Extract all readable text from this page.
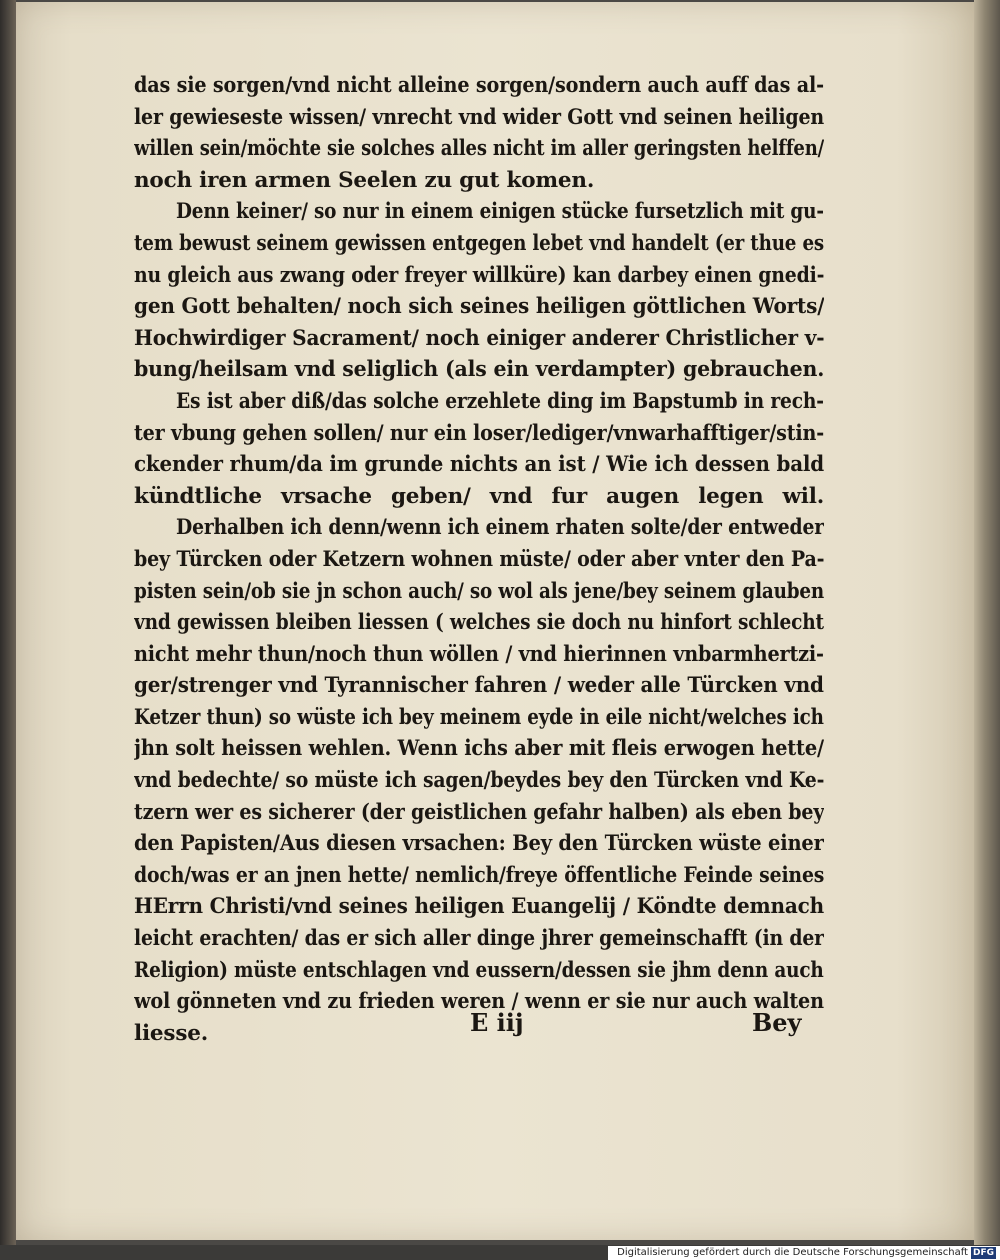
das sie sorgen/vnd nicht alleine sorgen/sondern auch auff das al-
ler gewieseste wissen/ vnrecht vnd wider Gott vnd seinen heiligen
willen sein/möchte sie solches alles nicht im aller geringsten helffen/
noch iren armen Seelen zu gut komen.
Denn keiner/ so nur in einem einigen stücke fursetzlich mit gu-
tem bewust seinem gewissen entgegen lebet vnd handelt (er thue es
nu gleich aus zwang oder freyer willküre) kan darbey einen gnedi-
gen Gott behalten/ noch sich seines heiligen göttlichen Worts/
Hochwirdiger Sacrament/ noch einiger anderer Christlicher v-
bung/heilsam vnd seliglich (als ein verdampter) gebrauchen.
Es ist aber diß/das solche erzehlete ding im Bapstumb in rech-
ter vbung gehen sollen/ nur ein loser/lediger/vnwarhafftiger/stin-
ckender rhum/da im grunde nichts an ist / Wie ich dessen bald
kündtliche vrsache geben/ vnd fur augen legen wil.
Derhalben ich denn/wenn ich einem rhaten solte/der entweder
bey Türcken oder Ketzern wohnen müste/ oder aber vnter den Pa-
pisten sein/ob sie jn schon auch/ so wol als jene/bey seinem glauben
vnd gewissen bleiben liessen ( welches sie doch nu hinfort schlecht
nicht mehr thun/noch thun wöllen / vnd hierinnen vnbarmhertzi-
ger/strenger vnd Tyrannischer fahren / weder alle Türcken vnd
Ketzer thun) so wüste ich bey meinem eyde in eile nicht/welches ich
jhn solt heissen wehlen. Wenn ichs aber mit fleis erwogen hette/
vnd bedechte/ so müste ich sagen/beydes bey den Türcken vnd Ke-
tzern wer es sicherer (der geistlichen gefahr halben) als eben bey
den Papisten/Aus diesen vrsachen: Bey den Türcken wüste einer
doch/was er an jnen hette/ nemlich/freye öffentliche Feinde seines
HErrn Christi/vnd seines heiligen Euangelij / Köndte demnach
leicht erachten/ das er sich aller dinge jhrer gemeinschafft (in der
Religion) müste entschlagen vnd eussern/dessen sie jhm denn auch
wol gönneten vnd zu frieden weren / wenn er sie nur auch walten
liesse.	E iij	Bey
Digitalisierung gefördert durch die Deutsche Forschungsgemeinschaft DFG
